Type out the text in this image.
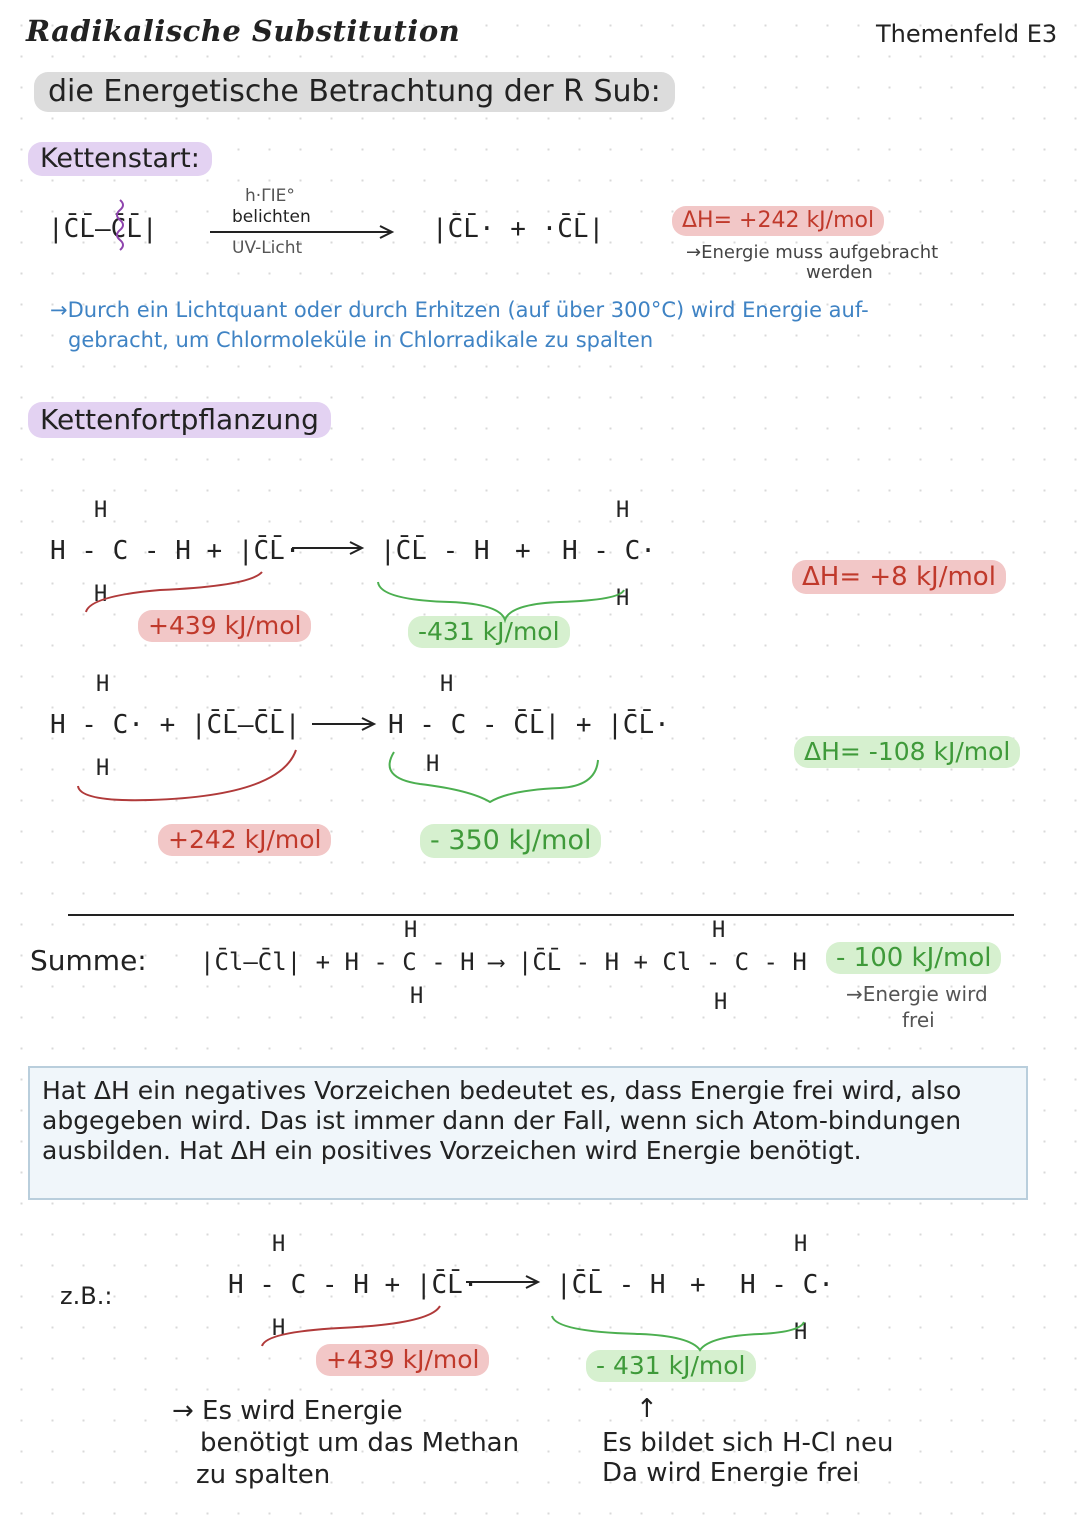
Radikalische Substitution	Themenfeld E3
die Energetische Betrachtung der R Sub:
Kettenstart:
|C̄L̄–C̄L̄|
h·ΓΙΕ°
belichten
UV-Licht
|C̄L̄· + ·C̄L̄|	ΔH= +242 kJ/mol
→Energie muss aufgebracht
werden
→Durch ein Lichtquant oder durch Erhitzen (auf über 300°C) wird Energie auf-
gebracht, um Chlormoleküle in Chlorradikale zu spalten
Kettenfortpflanzung
H
H - C - H + |C̄L̄·
H
|C̄L̄ - H + H - C·
H
H
+439 kJ/mol	-431 kJ/mol
ΔH= +8 kJ/mol
H
H - C· + |C̄L̄–C̄L̄|
H
H - C - C̄L̄| + |C̄L̄·
H
H
+242 kJ/mol	- 350 kJ/mol
ΔH= -108 kJ/mol
Summe:
H
|C̄l–C̄l| + H - C - H ⟶ |C̄L̄ - H + Cl - C - H
H
H
H
- 100 kJ/mol
→Energie wird
frei

Hat ΔH ein negatives Vorzeichen bedeutet es, dass Energie frei wird, also abgegeben wird. Das ist immer dann der Fall, wenn sich Atom-bindungen ausbilden. Hat ΔH ein positives Vorzeichen wird Energie benötigt.

z.B.:
H
H - C - H + |C̄L̄·
H
|C̄L̄ - H + H - C·
H
H
+439 kJ/mol	- 431 kJ/mol
→ Es wird Energie
benötigt um das Methan
zu spalten
↑
Es bildet sich H-Cl neu
Da wird Energie frei
